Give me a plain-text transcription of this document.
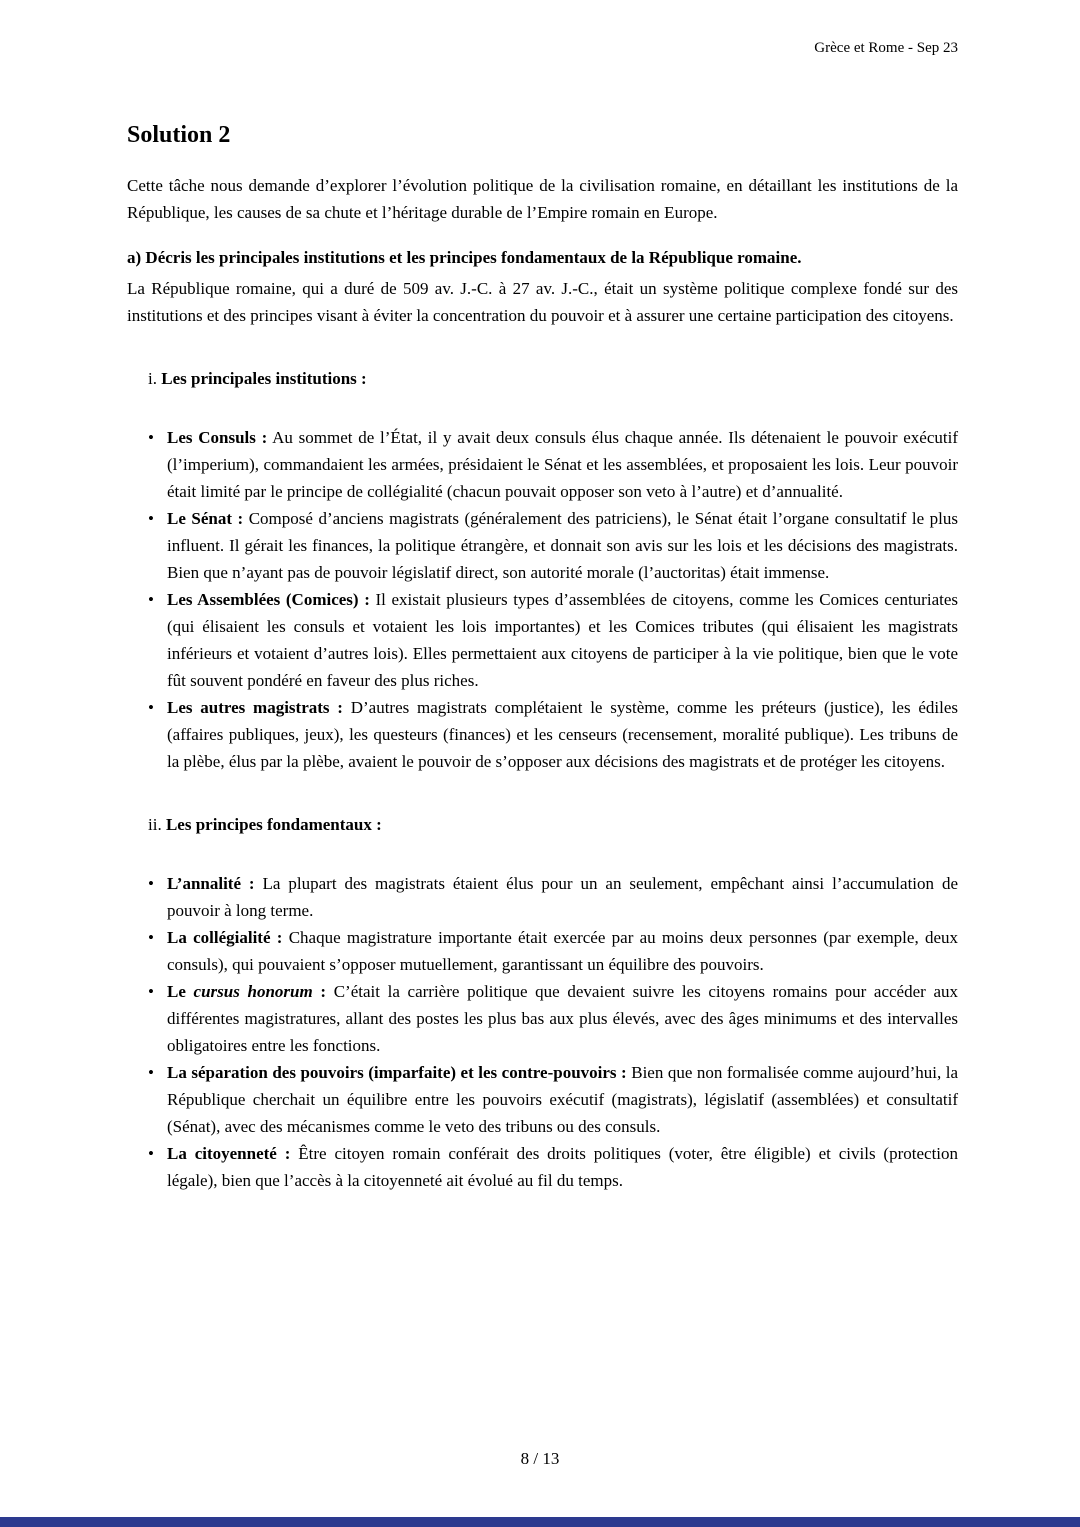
Grèce et Rome - Sep 23
Solution 2

Cette tâche nous demande d’explorer l’évolution politique de la civilisation romaine, en détaillant les institutions de la République, les causes de sa chute et l’héritage durable de l’Empire romain en Europe.

a) Décris les principales institutions et les principes fondamentaux de la République romaine.

La République romaine, qui a duré de 509 av. J.-C. à 27 av. J.-C., était un système politique complexe fondé sur des institutions et des principes visant à éviter la concentration du pouvoir et à assurer une certaine participation des citoyens.

i. Les principales institutions :

• Les Consuls : Au sommet de l’État, il y avait deux consuls élus chaque année. Ils détenaient le pouvoir exécutif (l’imperium), commandaient les armées, présidaient le Sénat et les assemblées, et proposaient les lois. Leur pouvoir était limité par le principe de collégialité (chacun pouvait opposer son veto à l’autre) et d’annualité.
• Le Sénat : Composé d’anciens magistrats (généralement des patriciens), le Sénat était l’organe consultatif le plus influent. Il gérait les finances, la politique étrangère, et donnait son avis sur les lois et les décisions des magistrats. Bien que n’ayant pas de pouvoir législatif direct, son autorité morale (l’auctoritas) était immense.
• Les Assemblées (Comices) : Il existait plusieurs types d’assemblées de citoyens, comme les Comices centuriates (qui élisaient les consuls et votaient les lois importantes) et les Comices tributes (qui élisaient les magistrats inférieurs et votaient d’autres lois). Elles permettaient aux citoyens de participer à la vie politique, bien que le vote fût souvent pondéré en faveur des plus riches.
• Les autres magistrats : D’autres magistrats complétaient le système, comme les préteurs (justice), les édiles (affaires publiques, jeux), les questeurs (finances) et les censeurs (recensement, moralité publique). Les tribuns de la plèbe, élus par la plèbe, avaient le pouvoir de s’opposer aux décisions des magistrats et de protéger les citoyens.

ii. Les principes fondamentaux :

• L’annalité : La plupart des magistrats étaient élus pour un an seulement, empêchant ainsi l’accumulation de pouvoir à long terme.
• La collégialité : Chaque magistrature importante était exercée par au moins deux personnes (par exemple, deux consuls), qui pouvaient s’opposer mutuellement, garantissant un équilibre des pouvoirs.
• Le cursus honorum : C’était la carrière politique que devaient suivre les citoyens romains pour accéder aux différentes magistratures, allant des postes les plus bas aux plus élevés, avec des âges minimums et des intervalles obligatoires entre les fonctions.
• La séparation des pouvoirs (imparfaite) et les contre-pouvoirs : Bien que non formalisée comme aujourd’hui, la République cherchait un équilibre entre les pouvoirs exécutif (magistrats), législatif (assemblées) et consultatif (Sénat), avec des mécanismes comme le veto des tribuns ou des consuls.
• La citoyenneté : Être citoyen romain conférait des droits politiques (voter, être éligible) et civils (protection légale), bien que l’accès à la citoyenneté ait évolué au fil du temps.
8 / 13
